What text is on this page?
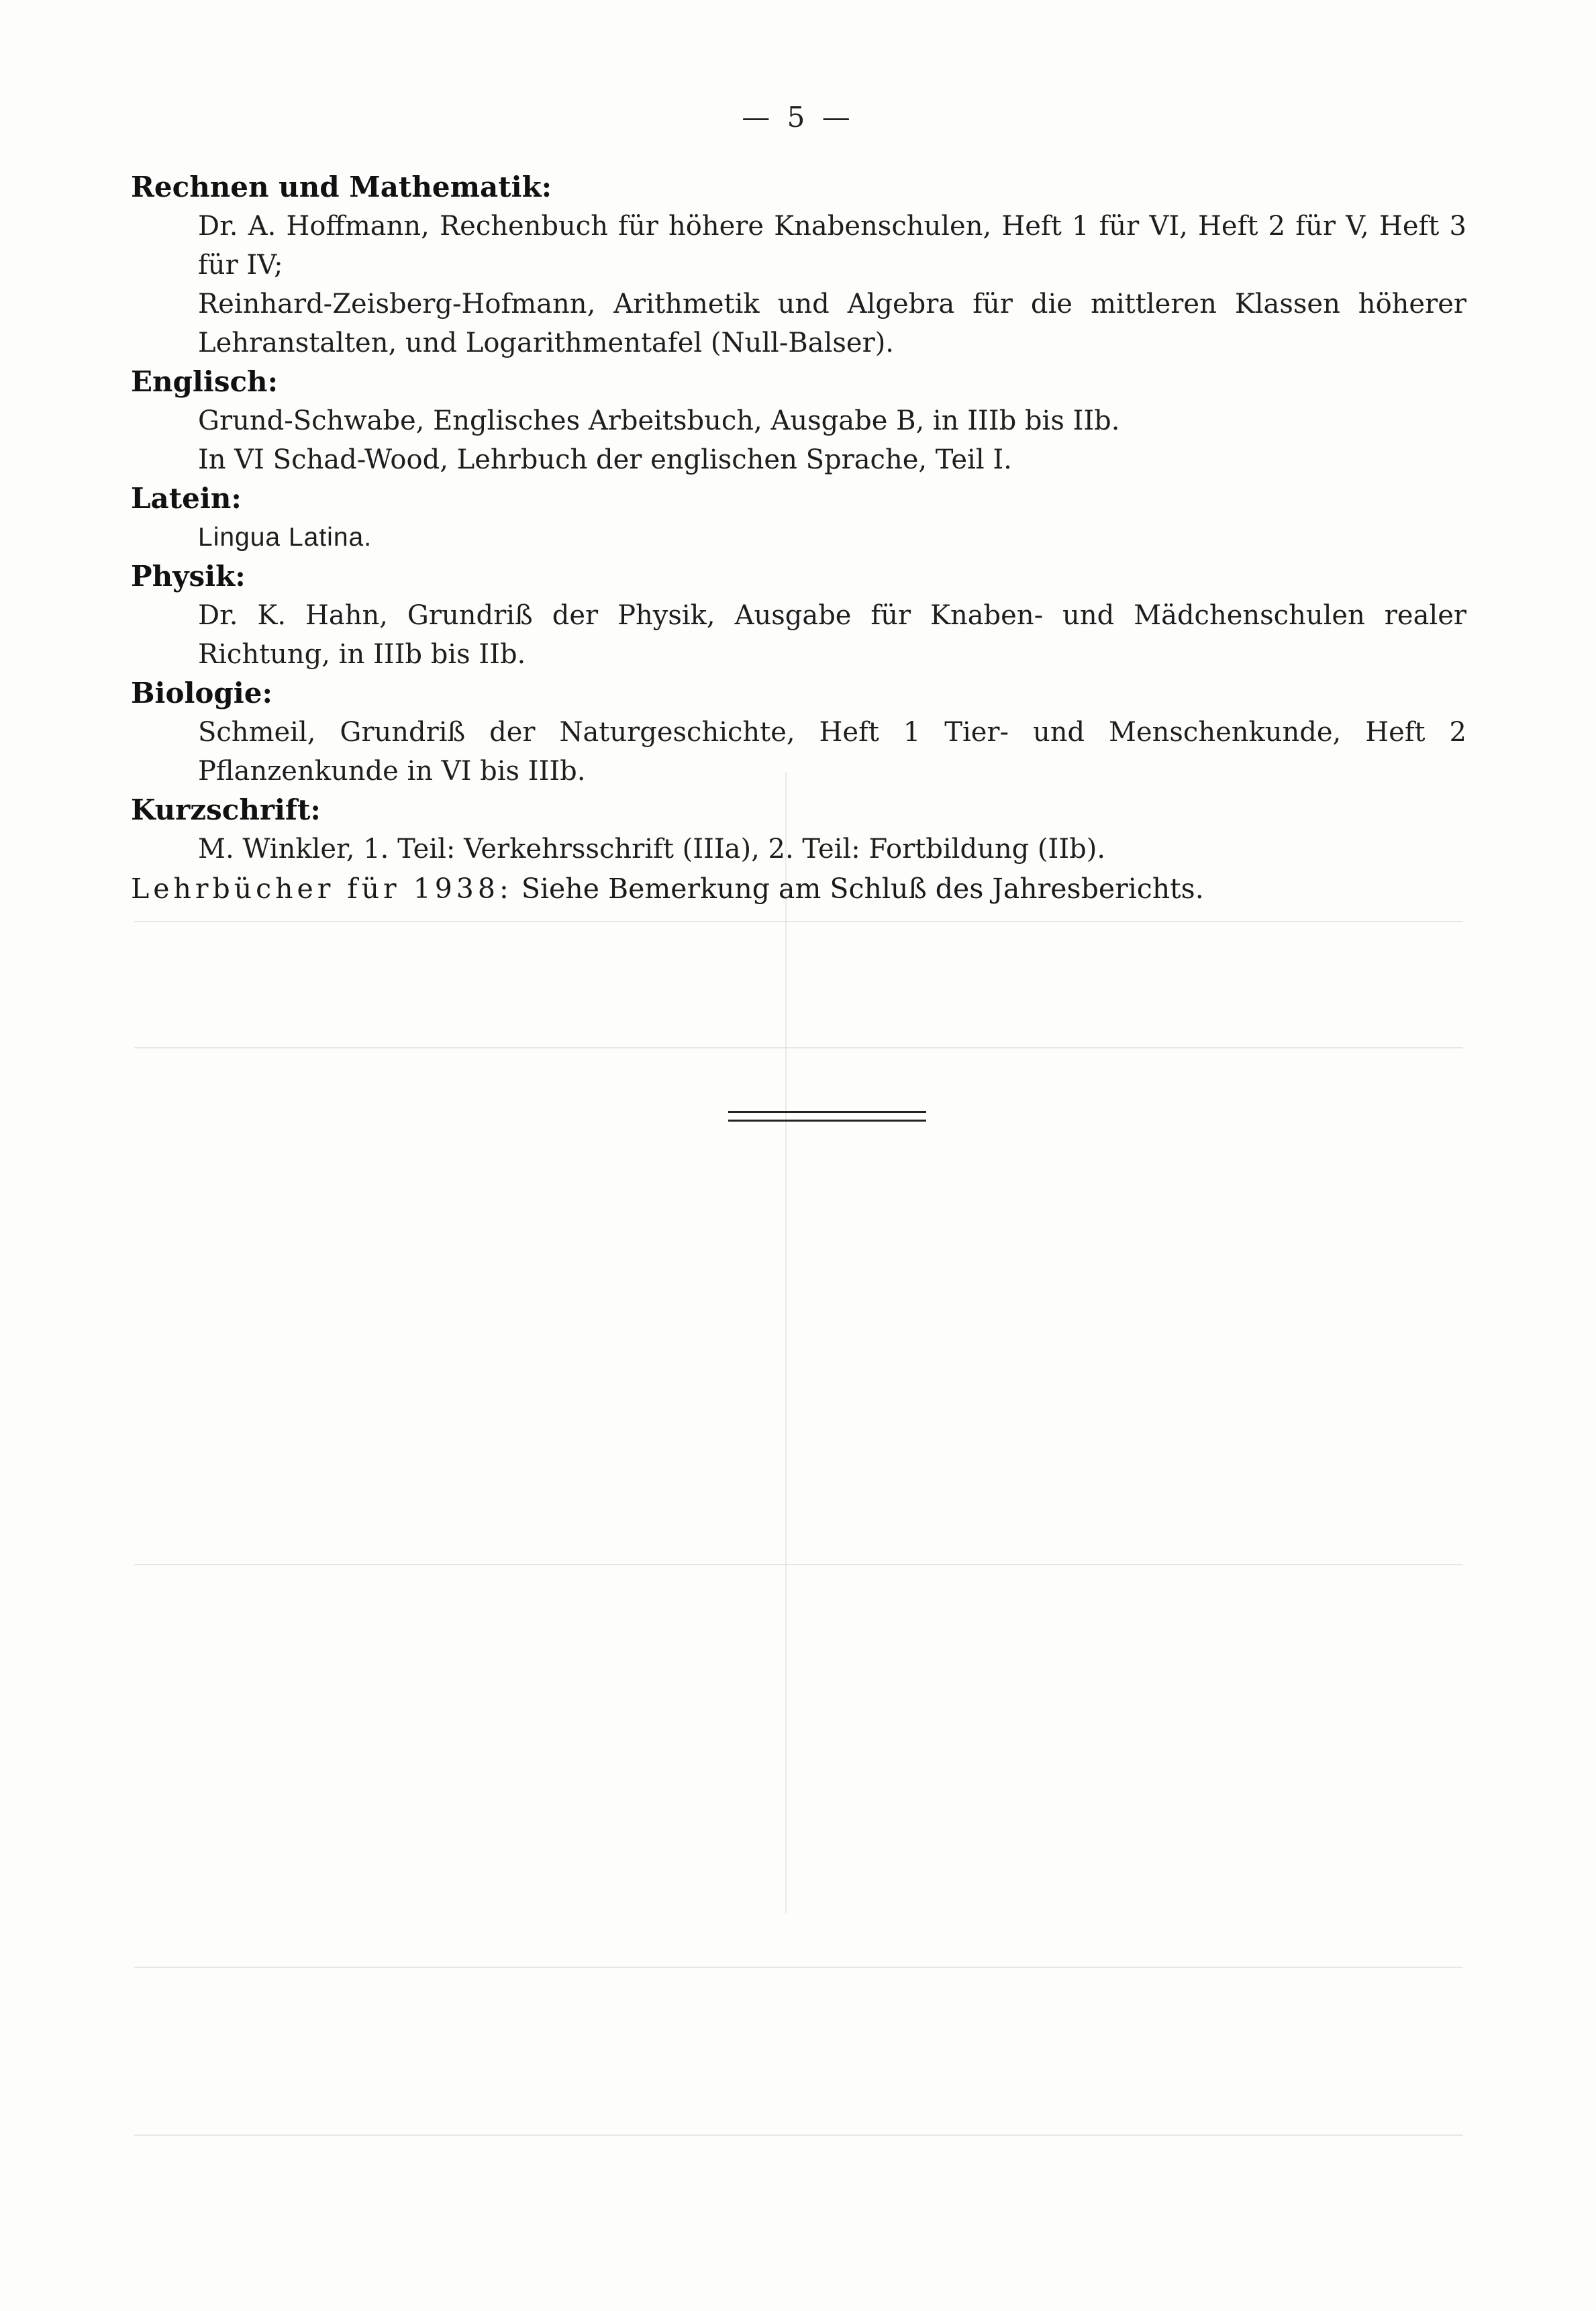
— 5 —

Rechnen und Mathematik:

Dr. A. Hoffmann, Rechenbuch für höhere Knabenschulen, Heft 1 für VI, Heft 2 für V, Heft 3 für IV;

Reinhard-Zeisberg-Hofmann, Arithmetik und Algebra für die mittleren Klassen höherer Lehranstalten, und Logarithmentafel (Null-Balser).

Englisch:

Grund-Schwabe, Englisches Arbeitsbuch, Ausgabe B, in IIIb bis IIb.

In VI Schad-Wood, Lehrbuch der englischen Sprache, Teil I.

Latein:

Lingua Latina.

Physik:

Dr. K. Hahn, Grundriß der Physik, Ausgabe für Knaben- und Mädchenschulen realer Richtung, in IIIb bis IIb.

Biologie:

Schmeil, Grundriß der Naturgeschichte, Heft 1 Tier- und Menschenkunde, Heft 2 Pflanzenkunde in VI bis IIIb.

Kurzschrift:

M. Winkler, 1. Teil: Verkehrsschrift (IIIa), 2. Teil: Fortbildung (IIb).

Lehrbücher für 1938: Siehe Bemerkung am Schluß des Jahresberichts.
